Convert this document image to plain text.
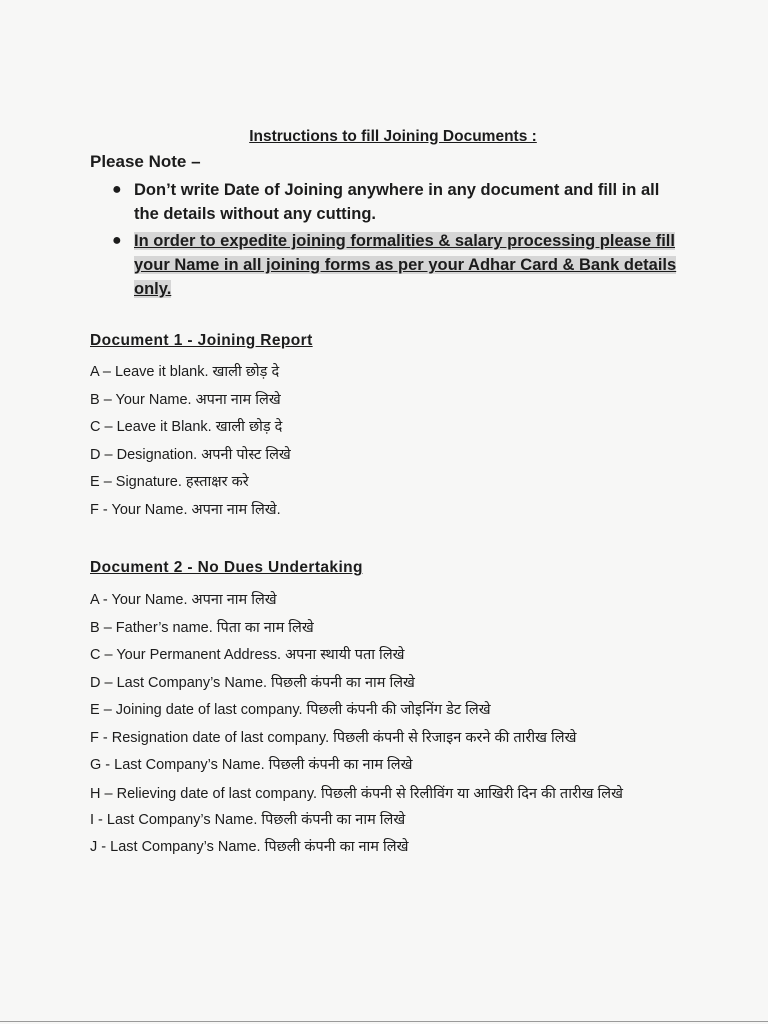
Instructions to fill Joining Documents :
Please Note –
● Don’t write Date of Joining anywhere in any document and fill in all the details without any cutting.
● In order to expedite joining formalities & salary processing please fill your Name in all joining forms as per your Adhar Card & Bank details only.
Document 1 - Joining Report
A – Leave it blank. खाली छोड़ दे
B – Your Name. अपना नाम लिखे
C – Leave it Blank. खाली छोड़ दे
D – Designation. अपनी पोस्ट लिखे
E – Signature. हस्ताक्षर करे
F - Your Name. अपना नाम लिखे.
Document 2 - No Dues Undertaking
A - Your Name. अपना नाम लिखे
B – Father’s name. पिता का नाम लिखे
C – Your Permanent Address. अपना स्थायी पता लिखे
D – Last Company’s Name. पिछली कंपनी का नाम लिखे
E – Joining date of last company. पिछली कंपनी की जोइनिंग डेट लिखे
F - Resignation date of last company. पिछली कंपनी से रिजाइन करने की तारीख लिखे
G - Last Company’s Name. पिछली कंपनी का नाम लिखे
H – Relieving date of last company. पिछली कंपनी से रिलीविंग या आखिरी दिन की तारीख लिखे
I - Last Company’s Name. पिछली कंपनी का नाम लिखे
J - Last Company’s Name. पिछली कंपनी का नाम लिखे
